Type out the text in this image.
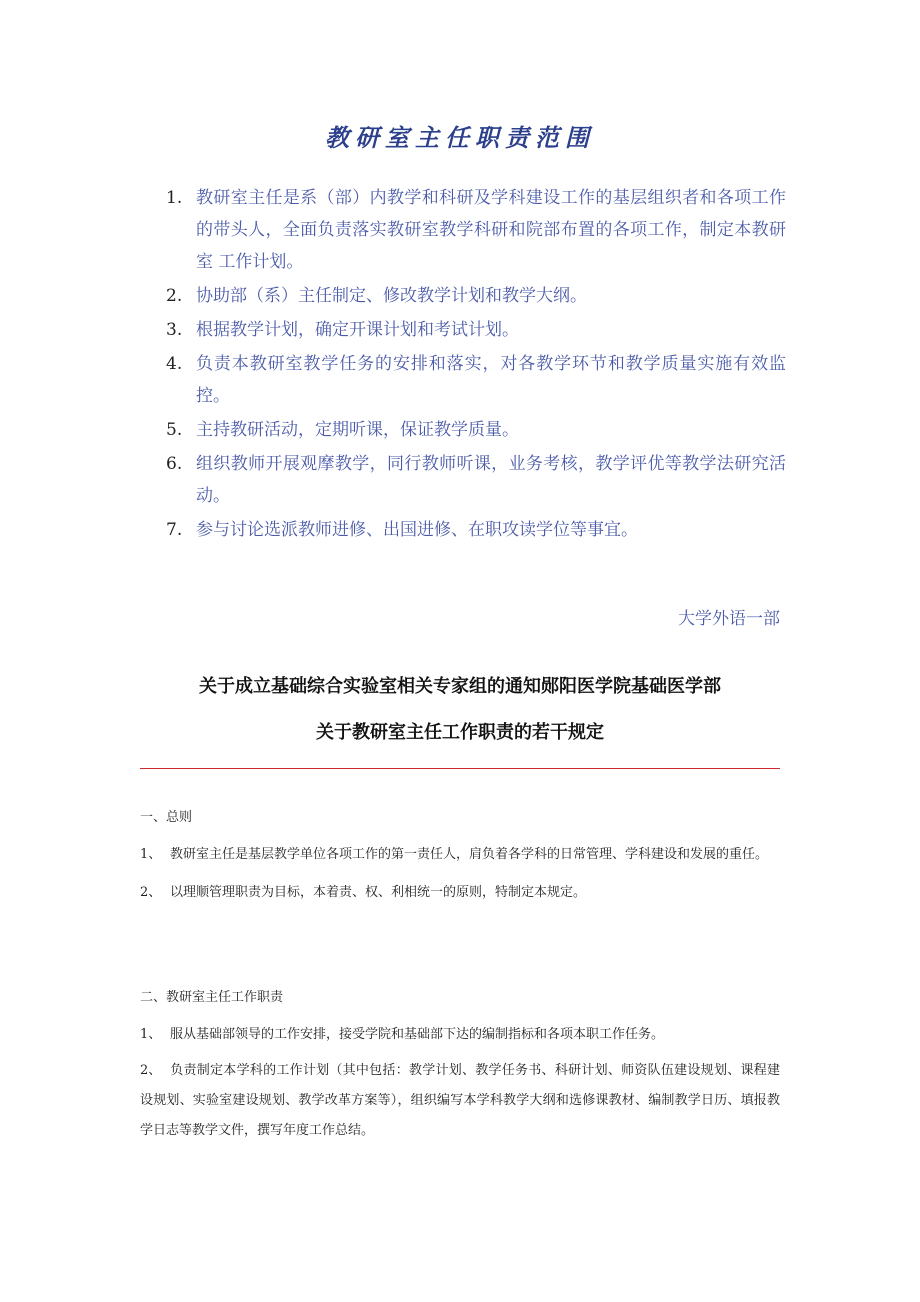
教研室主任职责范围
1. 教研室主任是系（部）内教学和科研及学科建设工作的基层组织者和各项工作的带头人，全面负责落实教研室教学科研和院部布置的各项工作，制定本教研室 工作计划。
2. 协助部（系）主任制定、修改教学计划和教学大纲。
3. 根据教学计划，确定开课计划和考试计划。
4. 负责本教研室教学任务的安排和落实，对各教学环节和教学质量实施有效监控。
5. 主持教研活动，定期听课，保证教学质量。
6. 组织教师开展观摩教学，同行教师听课，业务考核，教学评优等教学法研究活动。
7. 参与讨论选派教师进修、出国进修、在职攻读学位等事宜。
大学外语一部
关于成立基础综合实验室相关专家组的通知郧阳医学院基础医学部
关于教研室主任工作职责的若干规定
一、总则
1、 教研室主任是基层教学单位各项工作的第一责任人，肩负着各学科的日常管理、学科建设和发展的重任。
2、 以理顺管理职责为目标，本着责、权、利相统一的原则，特制定本规定。
二、教研室主任工作职责
1、 服从基础部领导的工作安排，接受学院和基础部下达的编制指标和各项本职工作任务。
2、 负责制定本学科的工作计划（其中包括：教学计划、教学任务书、科研计划、师资队伍建设规划、课程建设规划、实验室建设规划、教学改革方案等），组织编写本学科教学大纲和选修课教材、编制教学日历、填报教学日志等教学文件，撰写年度工作总结。
